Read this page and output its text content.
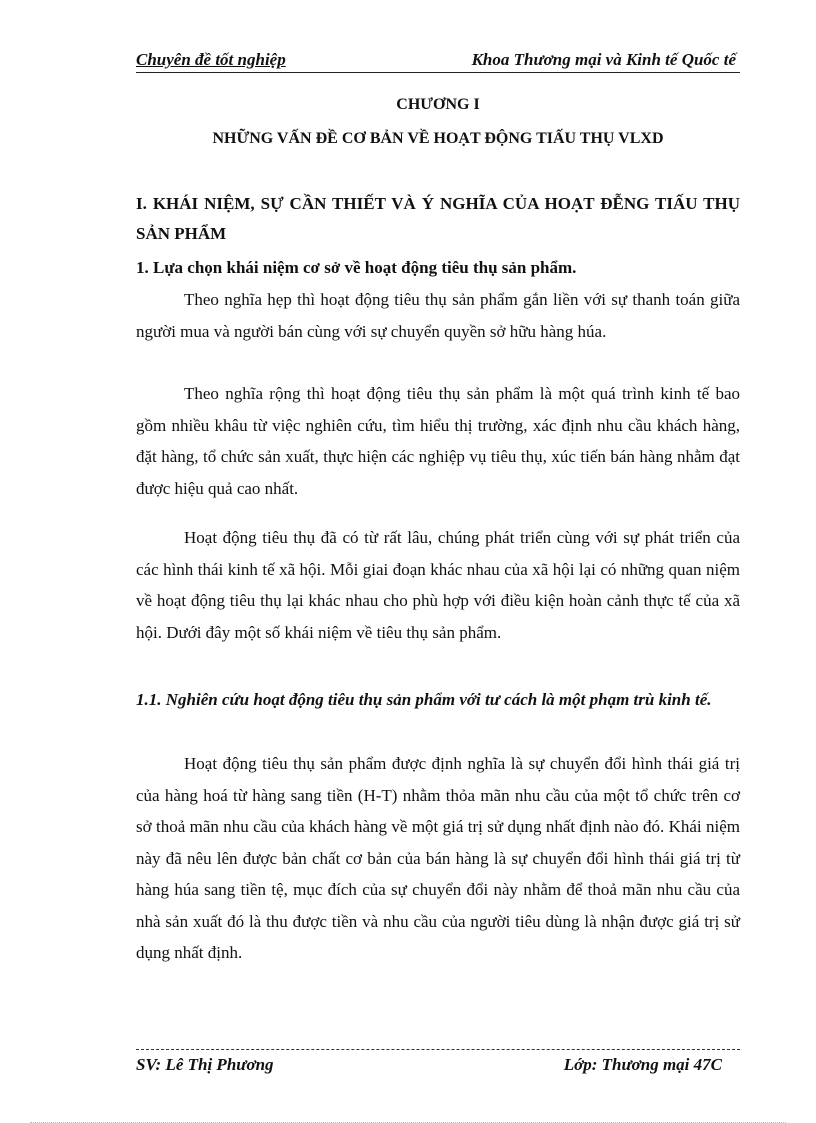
Chuyên đề tốt nghiệp	Khoa Thương mại và Kinh tế Quốc tế
CHƯƠNG I
NHỮNG VẤN ĐỀ CƠ BẢN VỀ HOẠT ĐỘNG TIẤU THỤ VLXD
I. KHÁI NIỆM, SỰ CẦN THIẾT VÀ Ý NGHĨA CỦA HOẠT ĐỄNG TIẤU THỤ SẢN PHẨM
1. Lựa chọn khái niệm cơ sở về hoạt động tiêu thụ sản phẩm.

Theo nghĩa hẹp thì hoạt động tiêu thụ sản phẩm gắn liền với sự thanh toán giữa người mua và người bán cùng với sự chuyển quyền sở hữu hàng húa.

Theo nghĩa rộng thì hoạt động tiêu thụ sản phẩm là một quá trình kinh tế bao gồm nhiều khâu từ việc nghiên cứu, tìm hiểu thị trường, xác định nhu cầu khách hàng, đặt hàng, tổ chức sản xuất, thực hiện các nghiệp vụ tiêu thụ, xúc tiến bán hàng nhằm đạt được hiệu quả cao nhất.

Hoạt động tiêu thụ đã có từ rất lâu, chúng phát triển cùng với sự phát triển của các hình thái kinh tế xã hội. Mỗi giai đoạn khác nhau của xã hội lại có những quan niệm về hoạt động tiêu thụ lại khác nhau cho phù hợp với điều kiện hoàn cảnh thực tế của xã hội. Dưới đây một số khái niệm về tiêu thụ sản phẩm.

1.1. Nghiên cứu hoạt động tiêu thụ sản phẩm với tư cách là một phạm trù kinh tế.

Hoạt động tiêu thụ sản phẩm được định nghĩa là sự chuyển đổi hình thái giá trị của hàng hoá từ hàng sang tiền (H-T) nhằm thỏa mãn nhu cầu của một tổ chức trên cơ sở thoả mãn nhu cầu của khách hàng về một giá trị sử dụng nhất định nào đó. Khái niệm này đã nêu lên được bản chất cơ bản của bán hàng là sự chuyển đổi hình thái giá trị từ hàng húa sang tiền tệ, mục đích của sự chuyển đổi này nhằm để thoả mãn nhu cầu của nhà sản xuất đó là thu được tiền và nhu cầu của người tiêu dùng là nhận được giá trị sử dụng nhất định.

SV: Lê Thị Phương	Lớp: Thương mại 47C
